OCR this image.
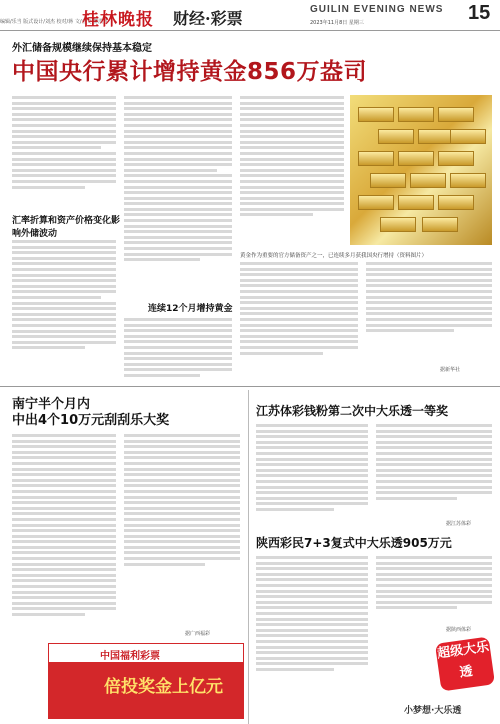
编辑/乐当 版式设计/刘杰 校对/蒋 文/全文 柳洪宣
桂林晚报 财经·彩票	GUILIN EVENING NEWS
2023年11月8日 星期三	15
外汇储备规模继续保持基本稳定
中国央行累计增持黄金856万盎司
汇率折算和资产价格变化影响外储波动
连续12个月增持黄金
黄金作为重要的官方储备资产之一，已连续多月获我国央行增持（资料图片）
据新华社
南宁半个月内
中出4个10万元刮刮乐大奖
据广西福彩
中国福利彩票
倍投奖金上亿元
江苏体彩钱粉第二次中大乐透一等奖
据江苏体彩
陕西彩民7+3复式中大乐透905万元
据陕西体彩
超级大乐透
小梦想·大乐透
